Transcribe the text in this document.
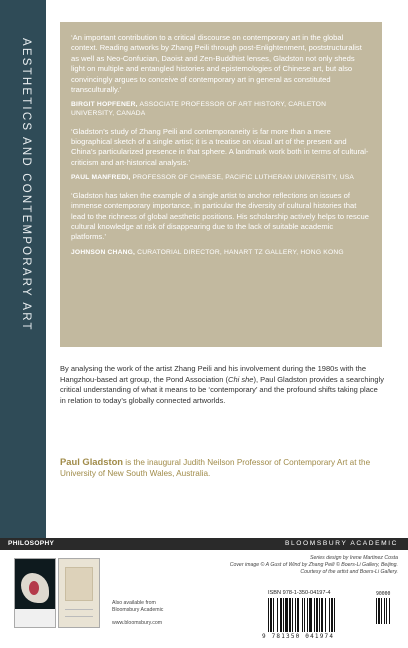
AESTHETICS AND CONTEMPORARY ART
‘An important contribution to a critical discourse on contemporary art in the global context. Reading artworks by Zhang Peili through post-Enlightenment, poststructuralist as well as Neo-Confucian, Daoist and Zen-Buddhist lenses, Gladston not only sheds light on multiple and entangled histories and epistemologies of Chinese art, but also convincingly argues to conceive of contemporary art in general as constituted transculturally.’
BIRGIT HOPFENER, ASSOCIATE PROFESSOR OF ART HISTORY, CARLETON UNIVERSITY, CANADA
‘Gladston’s study of Zhang Peili and contemporaneity is far more than a mere biographical sketch of a single artist; it is a treatise on visual art of the present and China’s particularized presence in that sphere. A landmark work both in terms of cultural-criticism and art-historical analysis.’
PAUL MANFREDI, PROFESSOR OF CHINESE, PACIFIC LUTHERAN UNIVERSITY, USA
‘Gladston has taken the example of a single artist to anchor reflections on issues of immense contemporary importance, in particular the diversity of cultural histories that lead to the richness of global aesthetic positions. His scholarship actively helps to rescue cultural knowledge at risk of disappearing due to the lack of suitable academic platforms.’
JOHNSON CHANG, CURATORIAL DIRECTOR, HANART TZ GALLERY, HONG KONG

By analysing the work of the artist Zhang Peili and his involvement during the 1980s with the Hangzhou-based art group, the Pond Association (Chi she), Paul Gladston provides a searchingly critical understanding of what it means to be ‘contemporary’ and the profound shifts taking place in relation to today’s globally connected artworlds.

Paul Gladston is the inaugural Judith Neilson Professor of Contemporary Art at the University of New South Wales, Australia.

PHILOSOPHY	BLOOMSBURY ACADEMIC
Also available from Bloomsbury Academic
www.bloomsbury.com
Series design by Irene Martinez Costa
Cover image © A Gust of Wind by Zhang Peili © Boers-Li Gallery, Beijing.
Courtesy of the artist and Boers-Li Gallery.
ISBN 978-1-350-04197-4	90000
9 781350 041974
